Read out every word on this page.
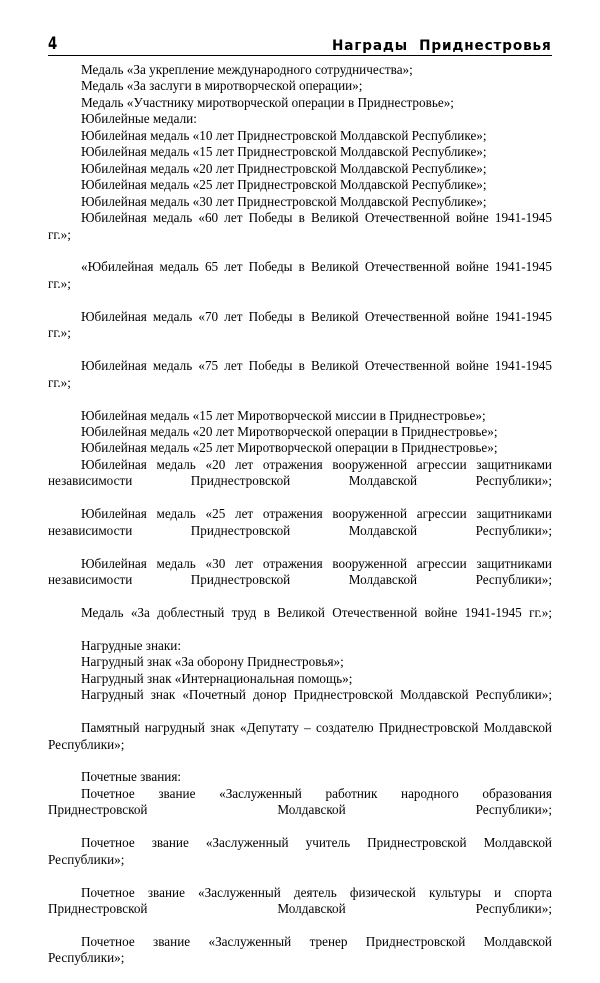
4	Награды  Приднестровья

Медаль «За укрепление международного сотрудничества»;

Медаль «За заслуги в миротворческой операции»;

Медаль «Участнику миротворческой операции в Приднестровье»;

Юбилейные медали:

Юбилейная медаль «10 лет Приднестровской Молдавской Республике»;

Юбилейная медаль «15 лет Приднестровской Молдавской Республике»;

Юбилейная медаль «20 лет Приднестровской Молдавской Республике»;

Юбилейная медаль «25 лет Приднестровской Молдавской Республике»;

Юбилейная медаль «30 лет Приднестровской Молдавской Республике»;

Юбилейная медаль «60 лет Победы в Великой Отечественной войне 1941-1945 гг.»;

«Юбилейная медаль 65 лет Победы в Великой Отечественной войне 1941-1945 гг.»;

Юбилейная медаль «70 лет Победы в Великой Отечественной войне 1941-1945 гг.»;

Юбилейная медаль «75 лет Победы в Великой Отечественной войне 1941-1945 гг.»;

Юбилейная медаль «15 лет Миротворческой миссии в Приднестровье»;

Юбилейная медаль «20 лет Миротворческой операции в Приднестровье»;

Юбилейная медаль «25 лет Миротворческой операции в Приднестровье»;

Юбилейная медаль «20 лет отражения вооруженной агрессии защитниками независимости Приднестровской Молдавской Республики»;

Юбилейная медаль «25 лет отражения вооруженной агрессии защитниками независимости Приднестровской Молдавской Республики»;

Юбилейная медаль «30 лет отражения вооруженной агрессии защитниками независимости Приднестровской Молдавской Республики»;

Медаль «За доблестный труд в Великой Отечественной войне 1941-1945 гг.»;

Нагрудные знаки:

Нагрудный знак «За оборону Приднестровья»;

Нагрудный знак «Интернациональная помощь»;

Нагрудный знак «Почетный донор Приднестровской Молдавской Республики»;

Памятный нагрудный знак «Депутату – создателю Приднестровской Молдавской Республики»;

Почетные звания:

Почетное звание «Заслуженный работник народного образования Приднестровской Молдавской Республики»;

Почетное звание «Заслуженный учитель Приднестровской Молдавской Республики»;

Почетное звание «Заслуженный деятель физической культуры и спорта Приднестровской Молдавской Республики»;

Почетное звание «Заслуженный тренер Приднестровской Молдавской Республики»;
